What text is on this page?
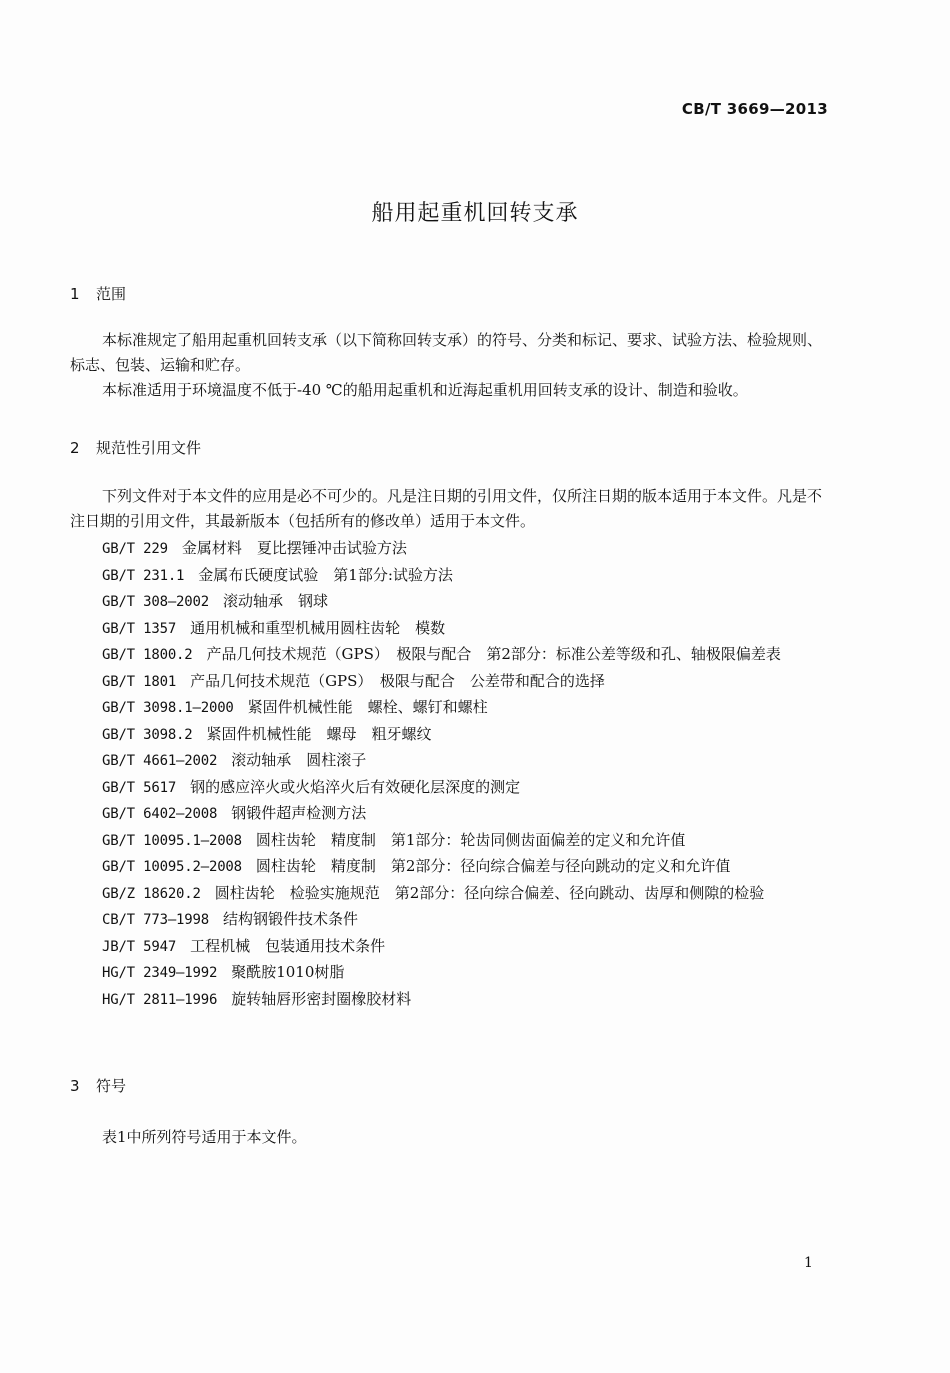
CB/T 3669—2013
船用起重机回转支承
1 范围

本标准规定了船用起重机回转支承（以下简称回转支承）的符号、分类和标记、要求、试验方法、检验规则、标志、包装、运输和贮存。

本标准适用于环境温度不低于-40 ℃的船用起重机和近海起重机用回转支承的设计、制造和验收。

2 规范性引用文件

下列文件对于本文件的应用是必不可少的。凡是注日期的引用文件，仅所注日期的版本适用于本文件。凡是不注日期的引用文件，其最新版本（包括所有的修改单）适用于本文件。

GB/T 229 金属材料　夏比摆锤冲击试验方法
GB/T 231.1 金属布氏硬度试验　第1部分:试验方法
GB/T 308—2002 滚动轴承　钢球
GB/T 1357 通用机械和重型机械用圆柱齿轮　模数
GB/T 1800.2 产品几何技术规范（GPS）　极限与配合　第2部分：标准公差等级和孔、轴极限偏差表
GB/T 1801 产品几何技术规范（GPS）　极限与配合　公差带和配合的选择
GB/T 3098.1—2000 紧固件机械性能　螺栓、螺钉和螺柱
GB/T 3098.2 紧固件机械性能　螺母　粗牙螺纹
GB/T 4661—2002 滚动轴承　圆柱滚子
GB/T 5617 钢的感应淬火或火焰淬火后有效硬化层深度的测定
GB/T 6402—2008 钢锻件超声检测方法
GB/T 10095.1—2008 圆柱齿轮　精度制　第1部分：轮齿同侧齿面偏差的定义和允许值
GB/T 10095.2—2008 圆柱齿轮　精度制　第2部分：径向综合偏差与径向跳动的定义和允许值
GB/Z 18620.2 圆柱齿轮　检验实施规范　第2部分：径向综合偏差、径向跳动、齿厚和侧隙的检验
CB/T 773—1998 结构钢锻件技术条件
JB/T 5947 工程机械　包装通用技术条件
HG/T 2349—1992 聚酰胺1010树脂
HG/T 2811—1996 旋转轴唇形密封圈橡胶材料
3 符号

表1中所列符号适用于本文件。

1
